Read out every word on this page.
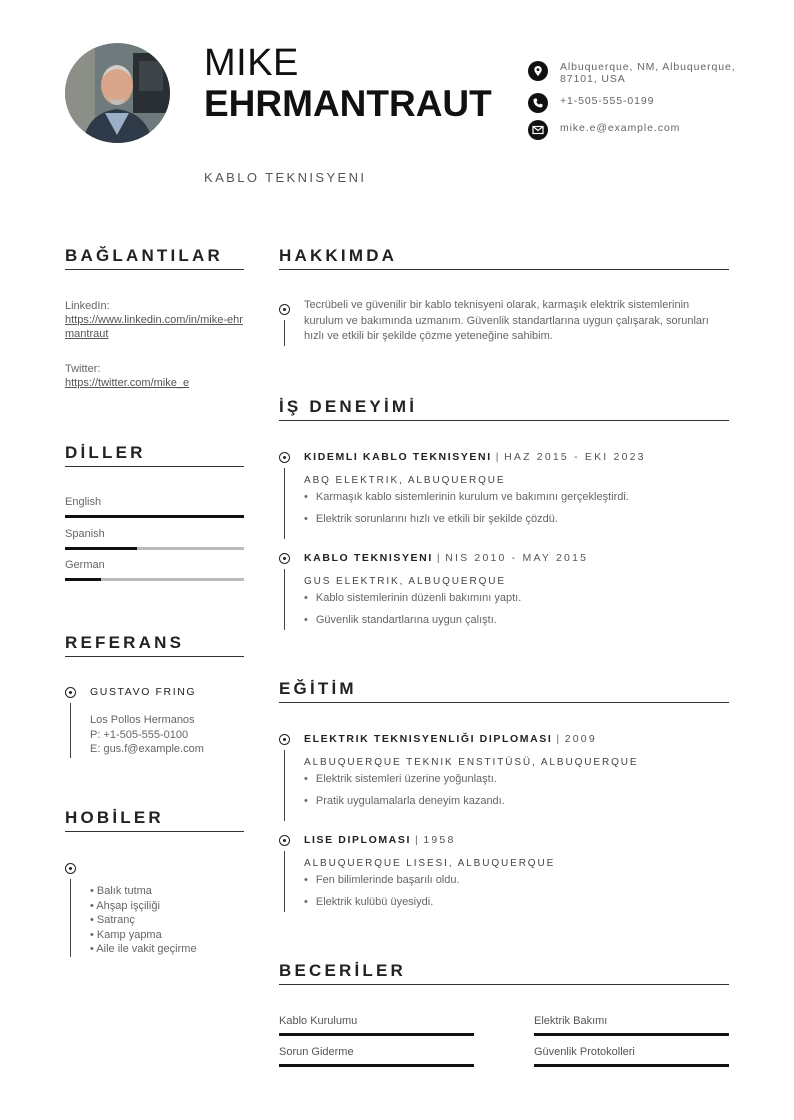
MIKE
EHRMANTRAUT
KABLO TEKNISYENI
Albuquerque, NM, Albuquerque, 87101, USA
+1-505-555-0199
mike.e@example.com
BAĞLANTILAR
LinkedIn:
https://www.linkedin.com/in/mike-ehrmantraut
Twitter:
https://twitter.com/mike_e
DİLLER
English
Spanish
German
REFERANS
GUSTAVO FRING
Los Pollos Hermanos
P: +1-505-555-0100
E: gus.f@example.com
HOBİLER
• Balık tutma
• Ahşap işçiliği
• Satranç
• Kamp yapma
• Aile ile vakit geçirme
HAKKIMDA
Tecrübeli ve güvenilir bir kablo teknisyeni olarak, karmaşık elektrik sistemlerinin kurulum ve bakımında uzmanım. Güvenlik standartlarına uygun çalışarak, sorunları hızlı ve etkili bir şekilde çözme yeteneğine sahibim.
İŞ DENEYİMİ
KIDEMLI KABLO TEKNISYENI | HAZ 2015 - EKI 2023
ABQ ELEKTRIK, ALBUQUERQUE
• Karmaşık kablo sistemlerinin kurulum ve bakımını gerçekleştirdi.
• Elektrik sorunlarını hızlı ve etkili bir şekilde çözdü.
KABLO TEKNISYENI | NIS 2010 - MAY 2015
GUS ELEKTRIK, ALBUQUERQUE
• Kablo sistemlerinin düzenli bakımını yaptı.
• Güvenlik standartlarına uygun çalıştı.
EĞİTİM
ELEKTRIK TEKNISYENLIĞI DIPLOMASI | 2009
ALBUQUERQUE TEKNIK ENSTITÜSÜ, ALBUQUERQUE
• Elektrik sistemleri üzerine yoğunlaştı.
• Pratik uygulamalarla deneyim kazandı.
LISE DIPLOMASI | 1958
ALBUQUERQUE LISESI, ALBUQUERQUE
• Fen bilimlerinde başarılı oldu.
• Elektrik kulübü üyesiydi.
BECERİLER
Kablo Kurulumu	Elektrik Bakımı
Sorun Giderme	Güvenlik Protokolleri
